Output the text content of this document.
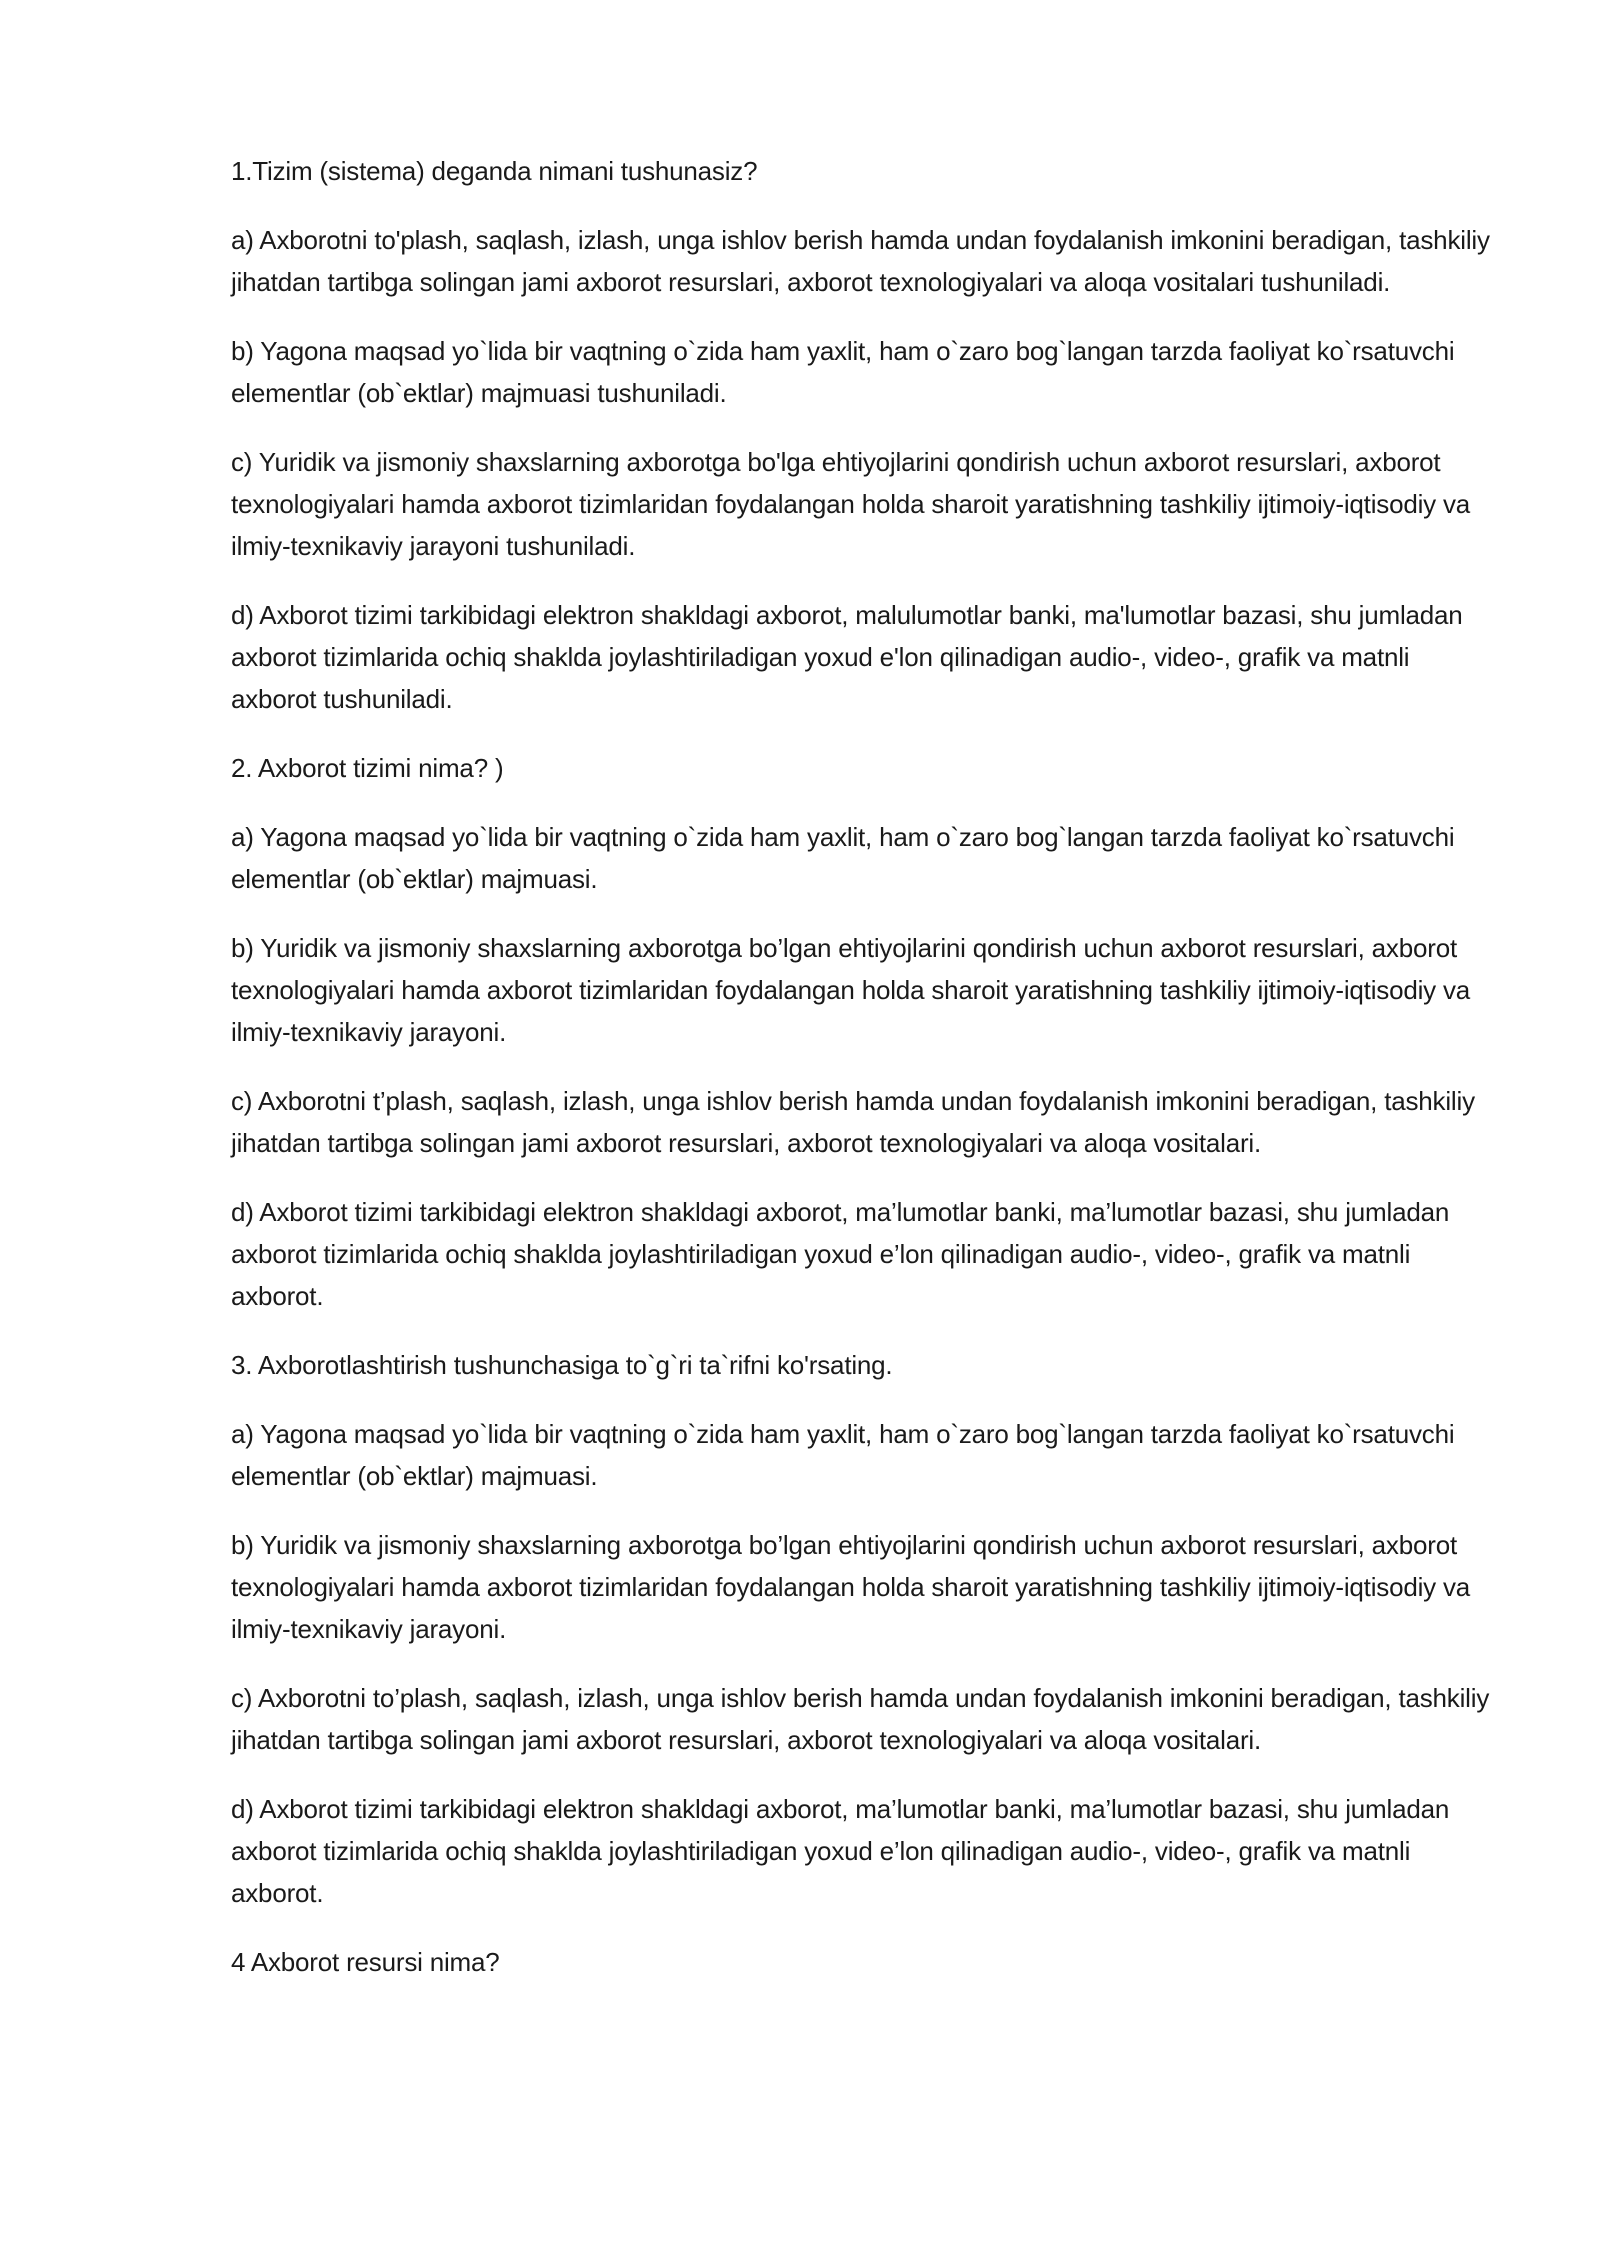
1.Tizim (sistema) deganda nimani tushunasiz?

a) Axborotni to'plash, saqlash, izlash, unga ishlov berish hamda undan foydalanish imkonini beradigan, tashkiliy jihatdan tartibga solingan jami axborot resurslari, axborot texnologiyalari va aloqa vositalari tushuniladi.

b) Yagona maqsad yo`lida bir vaqtning o`zida ham yaxlit, ham o`zaro bog`langan tarzda faoliyat ko`rsatuvchi elementlar (ob`ektlar) majmuasi tushuniladi.

c) Yuridik va jismoniy shaxslarning axborotga bo'lga ehtiyojlarini qondirish uchun axborot resurslari, axborot texnologiyalari hamda axborot tizimlaridan foydalangan holda sharoit yaratishning tashkiliy ijtimoiy-iqtisodiy va ilmiy-texnikaviy jarayoni tushuniladi.

d) Axborot tizimi tarkibidagi elektron shakldagi axborot, malulumotlar banki, ma'lumotlar bazasi, shu jumladan axborot tizimlarida ochiq shaklda joylashtiriladigan yoxud e'lon qilinadigan audio-, video-, grafik va matnli axborot tushuniladi.

2. Axborot tizimi nima? )

a) Yagona maqsad yo`lida bir vaqtning o`zida ham yaxlit, ham o`zaro bog`langan tarzda faoliyat ko`rsatuvchi elementlar (ob`ektlar) majmuasi.

b) Yuridik va jismoniy shaxslarning axborotga bo’lgan ehtiyojlarini qondirish uchun axborot resurslari, axborot texnologiyalari hamda axborot tizimlaridan foydalangan holda sharoit yaratishning tashkiliy ijtimoiy-iqtisodiy va ilmiy-texnikaviy jarayoni.

c) Axborotni t’plash, saqlash, izlash, unga ishlov berish hamda undan foydalanish imkonini beradigan, tashkiliy jihatdan tartibga solingan jami axborot resurslari, axborot texnologiyalari va aloqa vositalari.

d) Axborot tizimi tarkibidagi elektron shakldagi axborot, ma’lumotlar banki, ma’lumotlar bazasi, shu jumladan axborot tizimlarida ochiq shaklda joylashtiriladigan yoxud e’lon qilinadigan audio-, video-, grafik va matnli axborot.

3. Axborotlashtirish tushunchasiga to`g`ri ta`rifni ko'rsating.

a) Yagona maqsad yo`lida bir vaqtning o`zida ham yaxlit, ham o`zaro bog`langan tarzda faoliyat ko`rsatuvchi elementlar (ob`ektlar) majmuasi.

b) Yuridik va jismoniy shaxslarning axborotga bo’lgan ehtiyojlarini qondirish uchun axborot resurslari, axborot texnologiyalari hamda axborot tizimlaridan foydalangan holda sharoit yaratishning tashkiliy ijtimoiy-iqtisodiy va ilmiy-texnikaviy jarayoni.

c) Axborotni to’plash, saqlash, izlash, unga ishlov berish hamda undan foydalanish imkonini beradigan, tashkiliy jihatdan tartibga solingan jami axborot resurslari, axborot texnologiyalari va aloqa vositalari.

d) Axborot tizimi tarkibidagi elektron shakldagi axborot, ma’lumotlar banki, ma’lumotlar bazasi, shu jumladan axborot tizimlarida ochiq shaklda joylashtiriladigan yoxud e’lon qilinadigan audio-, video-, grafik va matnli axborot.

4 Axborot resursi nima?
